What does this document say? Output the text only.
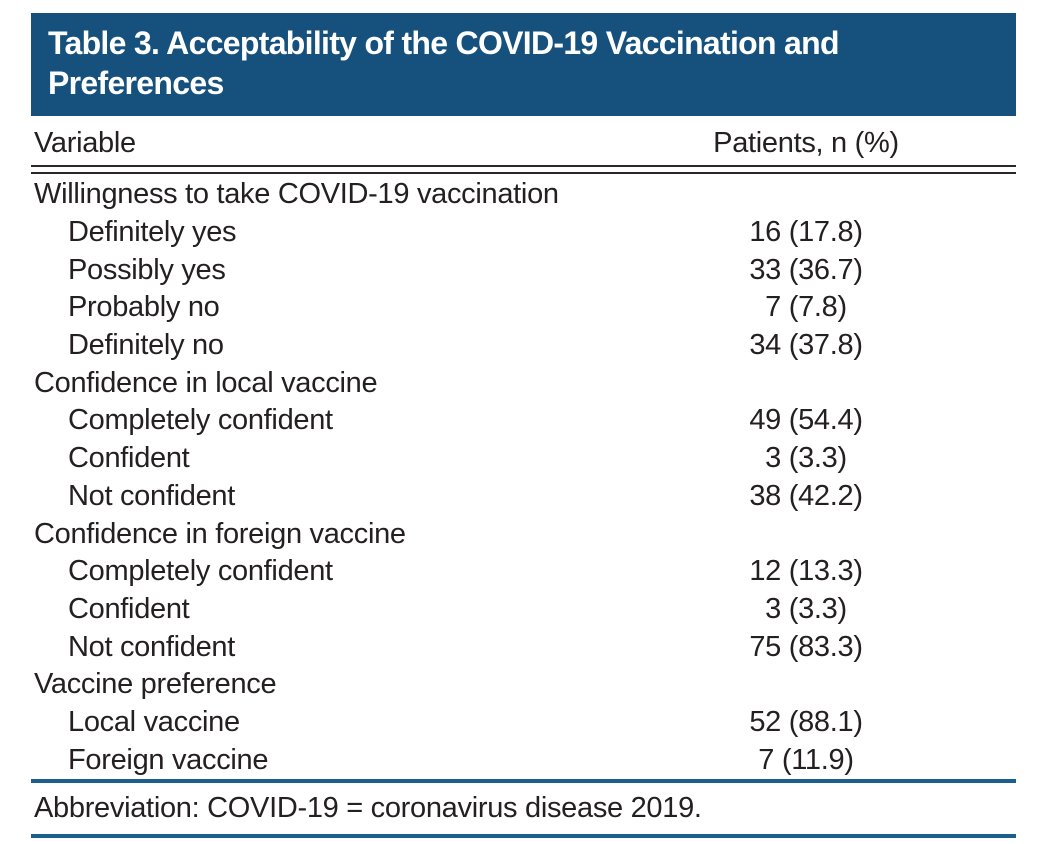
Table 3. Acceptability of the COVID-19 Vaccination and Preferences
Variable	Patients, n (%)
Willingness to take COVID-19 vaccination
Definitely yes	16 (17.8)
Possibly yes	33 (36.7)
Probably no	7 (7.8)
Definitely no	34 (37.8)
Confidence in local vaccine
Completely confident	49 (54.4)
Confident	3 (3.3)
Not confident	38 (42.2)
Confidence in foreign vaccine
Completely confident	12 (13.3)
Confident	3 (3.3)
Not confident	75 (83.3)
Vaccine preference
Local vaccine	52 (88.1)
Foreign vaccine	7 (11.9)
Abbreviation: COVID-19 = coronavirus disease 2019.
